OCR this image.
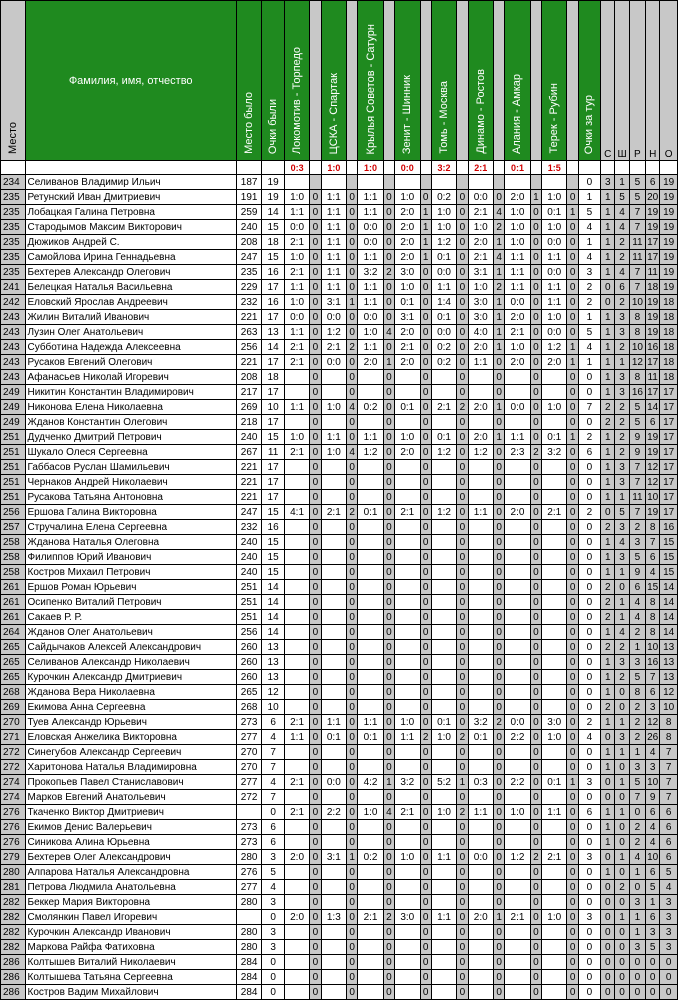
Место	Фамилия, имя, отчество	Место было	Очки были	Локомотив - Торпедо		ЦСКА - Спартак		Крылья Советов - Сатурн		Зенит - Шинник		Томь - Москва		Динамо - Ростов		Алания - Амкар		Терек - Рубин		Очки за тур	С	Ш	Р	Н	О
				0:3		1:0		1:0		0:0		3:2		2:1		0:1		1:5							
234	Селиванов Владимир Ильич	187	19																	0	3	1	5	6	19
235	Ретунский Иван Дмитриевич	191	19	1:0	0	1:1	0	1:1	0	1:0	0	0:2	0	0:0	0	2:0	1	1:0	0	1	1	5	5	20	19
235	Лобацкая Галина Петровна	259	14	1:1	0	1:1	0	1:1	0	2:0	1	1:0	0	2:1	4	1:0	0	0:1	1	5	1	4	7	19	19
235	Стародымов Максим Викторович	240	15	0:0	0	1:1	0	0:0	0	2:0	1	1:0	0	1:0	2	1:0	0	1:0	0	4	1	4	7	19	19
235	Дюжиков Андрей С.	208	18	2:1	0	1:1	0	0:0	0	2:0	1	1:2	0	2:0	1	1:0	0	0:0	0	1	1	2	11	17	19
235	Самойлова Ирина Геннадьевна	247	15	1:0	0	1:1	0	1:1	0	2:0	1	0:1	0	2:1	4	1:1	0	1:1	0	4	1	2	11	17	19
235	Бехтерев Александр Олегович	235	16	2:1	0	1:1	0	3:2	2	3:0	0	0:0	0	3:1	1	1:1	0	0:0	0	3	1	4	7	11	19
241	Белецкая Наталья Васильевна	229	17	1:1	0	1:1	0	1:1	0	1:0	0	1:1	0	1:0	2	1:1	0	1:1	0	2	0	6	7	18	19
242	Еловский Ярослав Андреевич	232	16	1:0	0	3:1	1	1:1	0	0:1	0	1:4	0	3:0	1	0:0	0	1:1	0	2	0	2	10	19	18
243	Жилин Виталий Иванович	221	17	0:0	0	0:0	0	0:0	0	3:1	0	0:1	0	3:0	1	2:0	0	1:0	0	1	1	3	8	19	18
243	Лузин Олег Анатольевич	263	13	1:1	0	1:2	0	1:0	4	2:0	0	0:0	0	4:0	1	2:1	0	0:0	0	5	1	3	8	19	18
243	Субботина Надежда Алексеевна	256	14	2:1	0	2:1	2	1:1	0	2:1	0	0:2	0	2:0	1	1:0	0	1:2	1	4	1	2	10	16	18
243	Русаков Евгений Олегович	221	17	2:1	0	0:0	0	2:0	1	2:0	0	0:2	0	1:1	0	2:0	0	2:0	1	1	1	1	12	17	18
243	Афанасьев Николай Игоревич	208	18		0		0		0		0		0		0		0		0	0	1	3	8	11	18
249	Никитин Константин Владимирович	217	17		0		0		0		0		0		0		0		0	0	1	3	16	17	17
249	Никонова Елена Николаевна	269	10	1:1	0	1:0	4	0:2	0	0:1	0	2:1	2	2:0	1	0:0	0	1:0	0	7	2	2	5	14	17
249	Жданов Константин Олегович	218	17		0		0		0		0		0		0		0		0	0	2	2	5	6	17
251	Дудченко Дмитрий Петрович	240	15	1:0	0	1:1	0	1:1	0	1:0	0	0:1	0	2:0	1	1:1	0	0:1	1	2	1	2	9	19	17
251	Шукало Олеся Сергеевна	267	11	2:1	0	1:0	4	1:2	0	2:0	0	1:2	0	1:2	0	2:3	2	3:2	0	6	1	2	9	19	17
251	Габбасов Руслан Шамильевич	221	17		0		0		0		0		0		0		0		0	0	1	3	7	12	17
251	Чернаков Андрей Николаевич	221	17		0		0		0		0		0		0		0		0	0	1	3	7	12	17
251	Русакова Татьяна Антоновна	221	17		0		0		0		0		0		0		0		0	0	1	1	11	10	17
256	Ершова Галина Викторовна	247	15	4:1	0	2:1	2	0:1	0	2:1	0	1:2	0	1:1	0	2:0	0	2:1	0	2	0	5	7	19	17
257	Стручалина Елена Сергеевна	232	16		0		0		0		0		0		0		0		0	0	2	3	2	8	16
258	Жданова Наталья Олеговна	240	15		0		0		0		0		0		0		0		0	0	1	4	3	7	15
258	Филиппов Юрий Иванович	240	15		0		0		0		0		0		0		0		0	0	1	3	5	6	15
258	Костров Михаил Петрович	240	15		0		0		0		0		0		0		0		0	0	1	1	9	4	15
261	Ершов Роман Юрьевич	251	14		0		0		0		0		0		0		0		0	0	2	0	6	15	14
261	Осипенко Виталий Петрович	251	14		0		0		0		0		0		0		0		0	0	2	1	4	8	14
261	Сакаев Р. Р.	251	14		0		0		0		0		0		0		0		0	0	2	1	4	8	14
264	Жданов Олег Анатольевич	256	14		0		0		0		0		0		0		0		0	0	1	4	2	8	14
265	Сайдычаков Алексей Александрович	260	13		0		0		0		0		0		0		0		0	0	2	2	1	10	13
265	Селиванов Александр Николаевич	260	13		0		0		0		0		0		0		0		0	0	1	3	3	16	13
265	Курочкин Александр Дмитриевич	260	13		0		0		0		0		0		0		0		0	0	1	2	5	7	13
268	Жданова Вера Николаевна	265	12		0		0		0		0		0		0		0		0	0	1	0	8	6	12
269	Екимова Анна Сергеевна	268	10		0		0		0		0		0		0		0		0	0	2	0	2	3	10
270	Туев Александр Юрьевич	273	6	2:1	0	1:1	0	1:1	0	1:0	0	0:1	0	3:2	2	0:0	0	3:0	0	2	1	1	2	12	8
271	Еловская Анжелика Викторовна	277	4	1:1	0	0:1	0	0:1	0	1:1	2	1:0	2	0:1	0	2:2	0	1:0	0	4	0	3	2	26	8
272	Синегубов Александр Сергеевич	270	7		0		0		0		0		0		0		0		0	0	1	1	1	4	7
272	Харитонова Наталья Владимировна	270	7		0		0		0		0		0		0		0		0	0	1	0	3	3	7
274	Прокопьев Павел Станиславович	277	4	2:1	0	0:0	0	4:2	1	3:2	0	5:2	1	0:3	0	2:2	0	0:1	1	3	0	1	5	10	7
274	Марков Евгений Анатольевич	272	7		0		0		0		0		0		0		0		0	0	0	0	7	9	7
276	Ткаченко Виктор Дмитриевич		0	2:1	0	2:2	0	1:0	4	2:1	0	1:0	2	1:1	0	1:0	0	1:1	0	6	1	1	0	6	6
276	Екимов Денис Валерьевич	273	6		0		0		0		0		0		0		0		0	0	1	0	2	4	6
276	Синикова Алина Юрьевна	273	6		0		0		0		0		0		0		0		0	0	1	0	2	4	6
279	Бехтерев Олег Александрович	280	3	2:0	0	3:1	1	0:2	0	1:0	0	1:1	0	0:0	0	1:2	2	2:1	0	3	0	1	4	10	6
280	Алпарова Наталья Александровна	276	5		0		0		0		0		0		0		0		0	0	1	0	1	6	5
281	Петрова Людмила Анатольевна	277	4		0		0		0		0		0		0		0		0	0	0	2	0	5	4
282	Беккер Мария Викторовна	280	3		0		0		0		0		0		0		0		0	0	0	0	3	1	3
282	Смолянкин Павел Игоревич		0	2:0	0	1:3	0	2:1	2	3:0	0	1:1	0	2:0	1	2:1	0	1:0	0	3	0	1	1	6	3
282	Курочкин Александр Иванович	280	3		0		0		0		0		0		0		0		0	0	0	0	1	3	3
282	Маркова Райфа Фатиховна	280	3		0		0		0		0		0		0		0		0	0	0	0	3	5	3
286	Колтышев Виталий Николаевич	284	0		0		0		0		0		0		0		0		0	0	0	0	0	0	0
286	Колтышева Татьяна Сергеевна	284	0		0		0		0		0		0		0		0		0	0	0	0	0	0	0
286	Костров Вадим Михайлович	284	0		0		0		0		0		0		0		0		0	0	0	0	0	0	0
